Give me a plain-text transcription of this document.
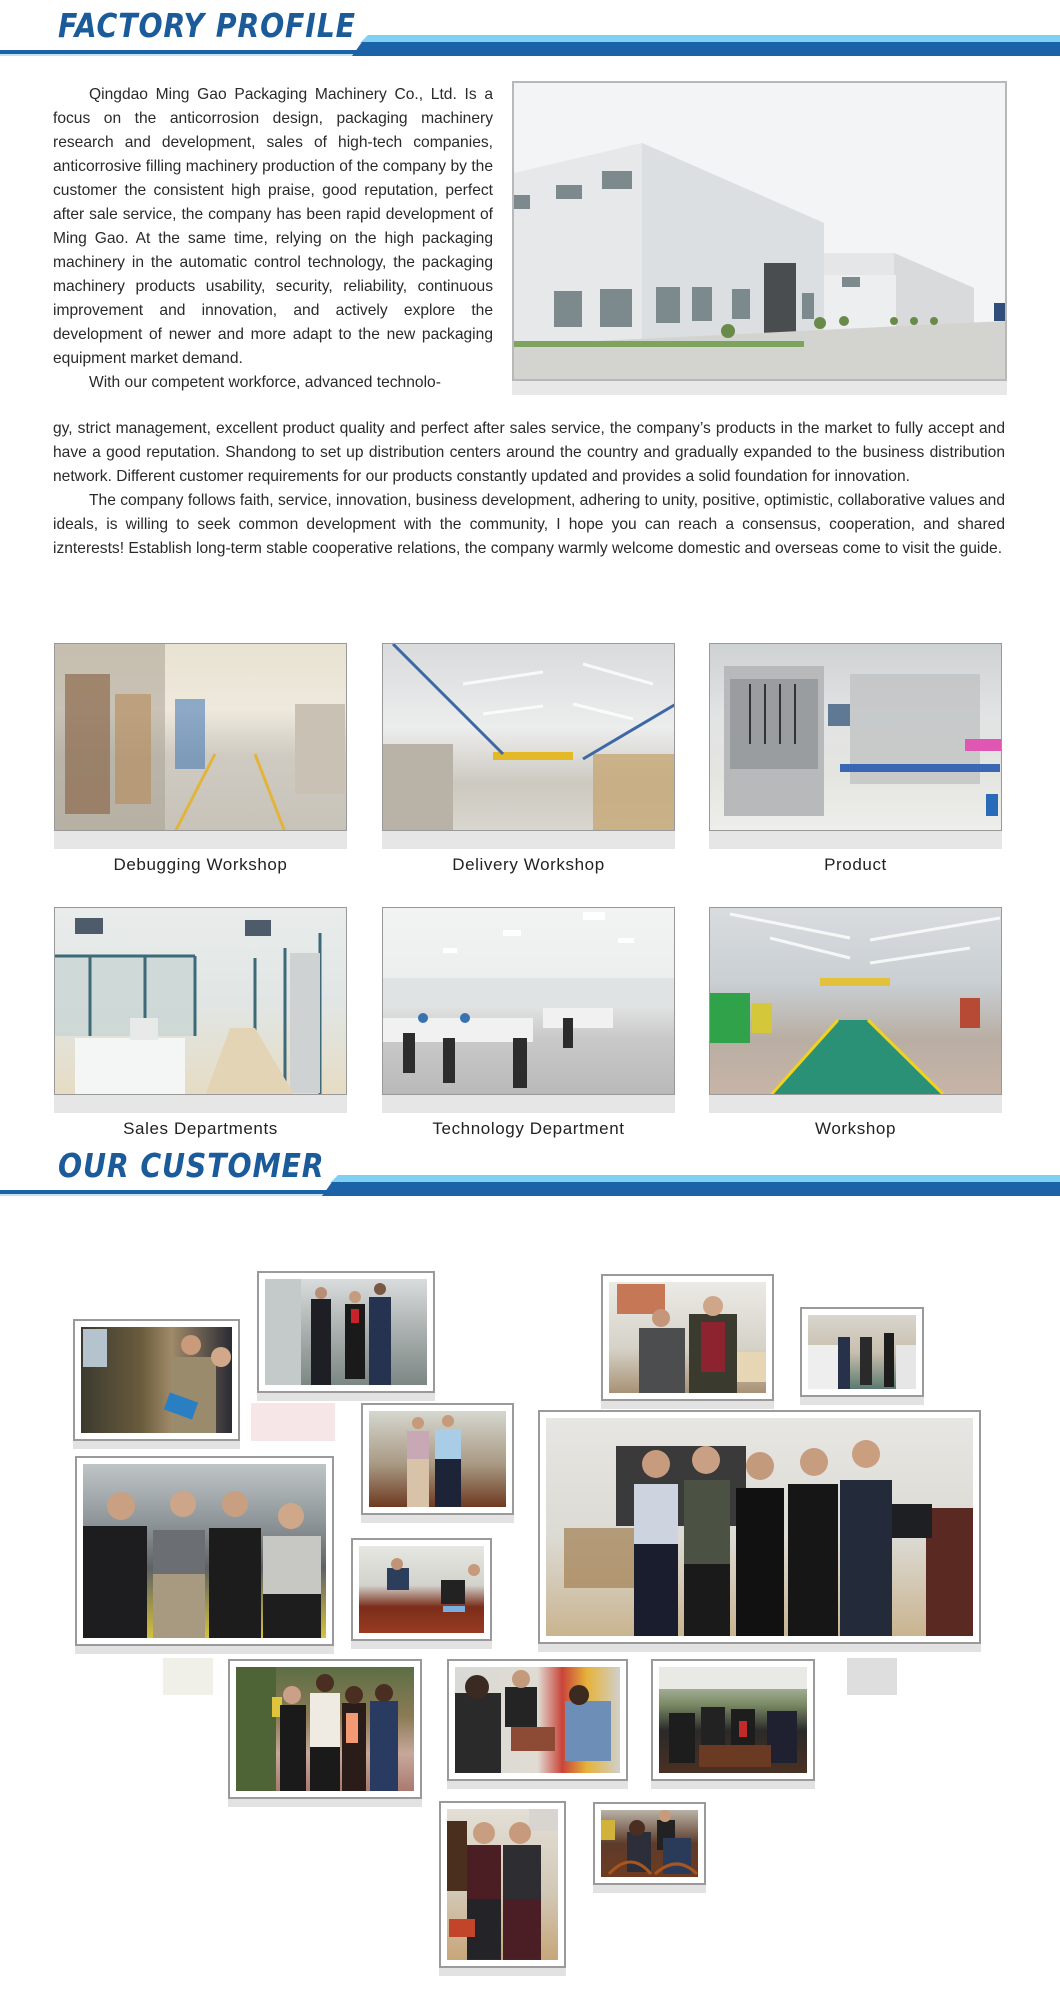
FACTORY PROFILE

Qingdao Ming Gao Packaging Machinery Co., Ltd. Is a focus on the anticorrosion design, packaging machinery research and development, sales of high-tech companies, anticorrosive filling machinery production of the company by the customer the consistent high praise, good reputation, perfect after sale service, the company has been rapid development of Ming Gao. At the same time, relying on the high packaging machinery in the automatic control technology, the packaging machinery products usability, security, reliability, continuous improvement and innovation, and actively explore the development of newer and more adapt to the new packaging equipment market demand.

With our competent workforce, advanced technolo-

gy, strict management, excellent product quality and perfect after sales service, the company’s products in the market to fully accept and have a good reputation. Shandong to set up distribution centers around the country and gradually expanded to the business distribution network. Different customer requirements for our products constantly updated and provides a solid foundation for innovation.

The company follows faith, service, innovation, business development, adhering to unity, positive, optimistic, collaborative values and ideals, is willing to seek common development with the community, I hope you can reach a consensus, cooperation, and shared iznterests! Establish long-term stable cooperative relations, the company warmly welcome domestic and overseas come to visit the guide.

Debugging Workshop	Delivery Workshop	Product
Sales Departments	Technology Department	Workshop
OUR CUSTOMER
